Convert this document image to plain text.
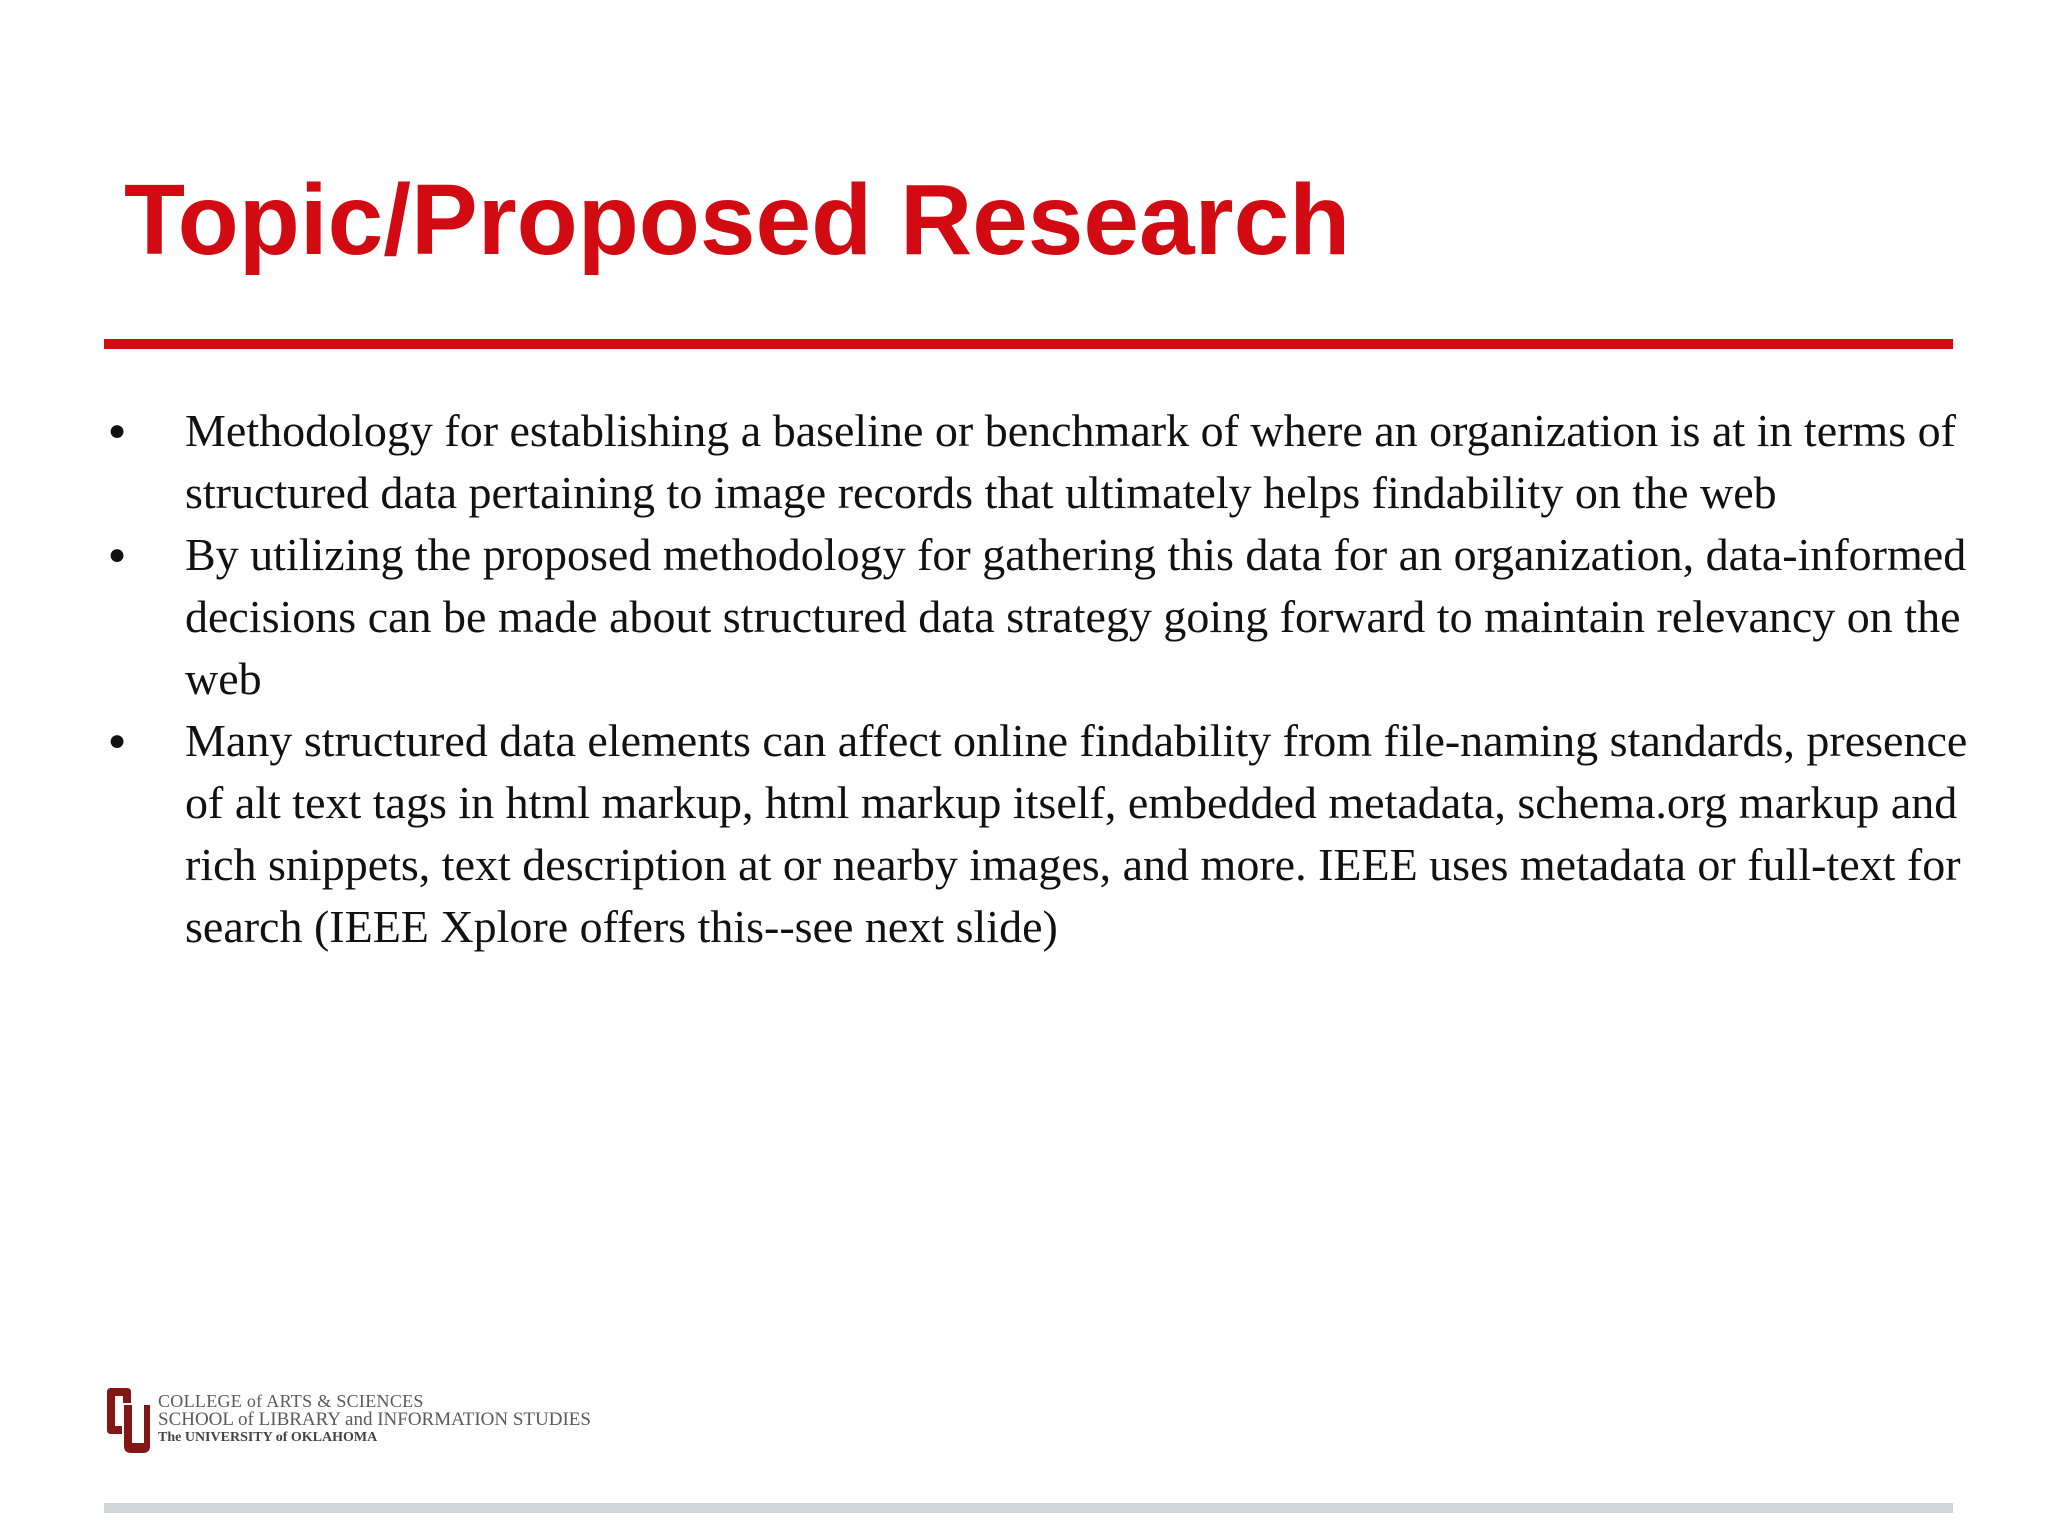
Topic/Proposed Research
● Methodology for establishing a baseline or benchmark of where an organization is at in terms of structured data pertaining to image records that ultimately helps findability on the web
● By utilizing the proposed methodology for gathering this data for an organization, data-informed decisions can be made about structured data strategy going forward to maintain relevancy on the web
● Many structured data elements can affect online findability from file-naming standards, presence of alt text tags in html markup, html markup itself, embedded metadata, schema.org markup and rich snippets, text description at or nearby images, and more. IEEE uses metadata or full-text for search (IEEE Xplore offers this--see next slide)
COLLEGE of ARTS & SCIENCES
SCHOOL of LIBRARY and INFORMATION STUDIES
The UNIVERSITY of OKLAHOMA
